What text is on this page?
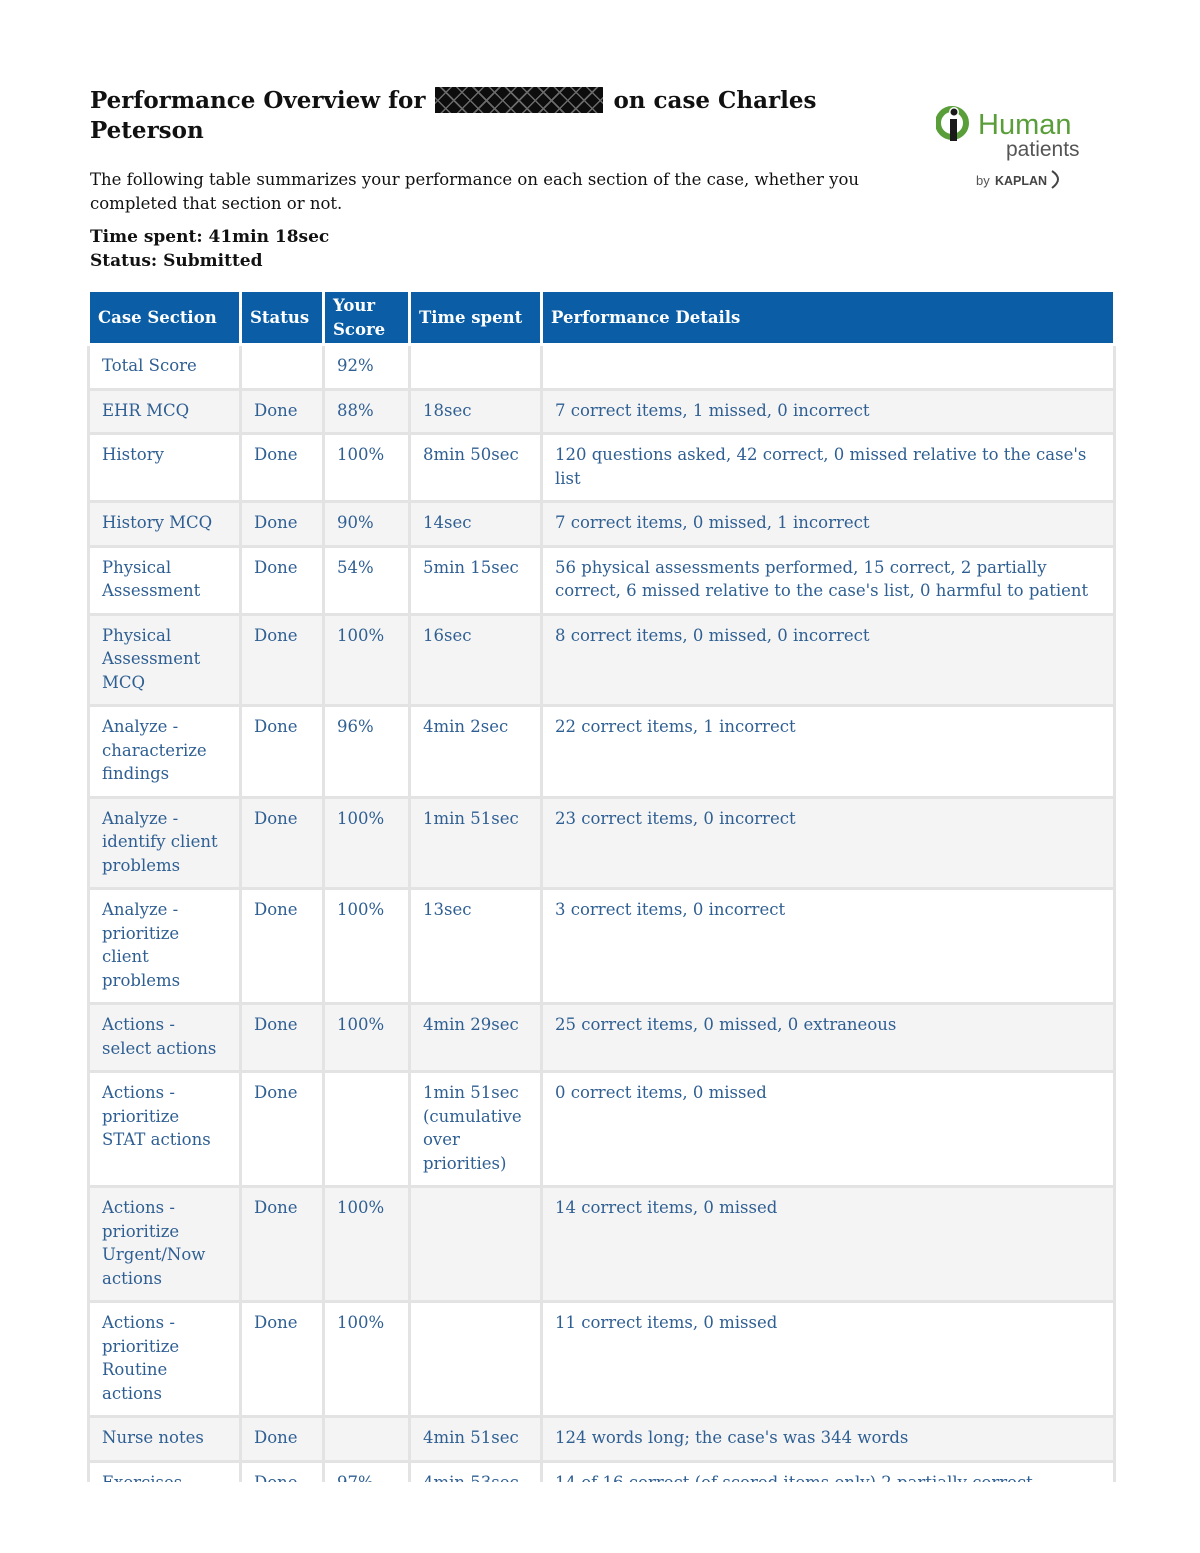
Performance Overview for	on case Charles Peterson	Human
patients
by KAPLAN

The following table summarizes your performance on each section of the case, whether you completed that section or not.

Time spent: 41min 18sec
Status: Submitted
Case Section	Status	Your Score	Time spent	Performance Details
Total Score		92%		
EHR MCQ	Done	88%	18sec	7 correct items, 1 missed, 0 incorrect
History	Done	100%	8min 50sec	120 questions asked, 42 correct, 0 missed relative to the case's list
History MCQ	Done	90%	14sec	7 correct items, 0 missed, 1 incorrect
Physical Assessment	Done	54%	5min 15sec	56 physical assessments performed, 15 correct, 2 partially correct, 6 missed relative to the case's list, 0 harmful to patient
Physical Assessment MCQ	Done	100%	16sec	8 correct items, 0 missed, 0 incorrect
Analyze - characterize findings	Done	96%	4min 2sec	22 correct items, 1 incorrect
Analyze - identify client problems	Done	100%	1min 51sec	23 correct items, 0 incorrect
Analyze - prioritize client problems	Done	100%	13sec	3 correct items, 0 incorrect
Actions - select actions	Done	100%	4min 29sec	25 correct items, 0 missed, 0 extraneous
Actions - prioritize STAT actions	Done		1min 51sec (cumulative over priorities)	0 correct items, 0 missed
Actions - prioritize Urgent/Now actions	Done	100%		14 correct items, 0 missed
Actions - prioritize Routine actions	Done	100%		11 correct items, 0 missed
Nurse notes	Done		4min 51sec	124 words long; the case's was 344 words
